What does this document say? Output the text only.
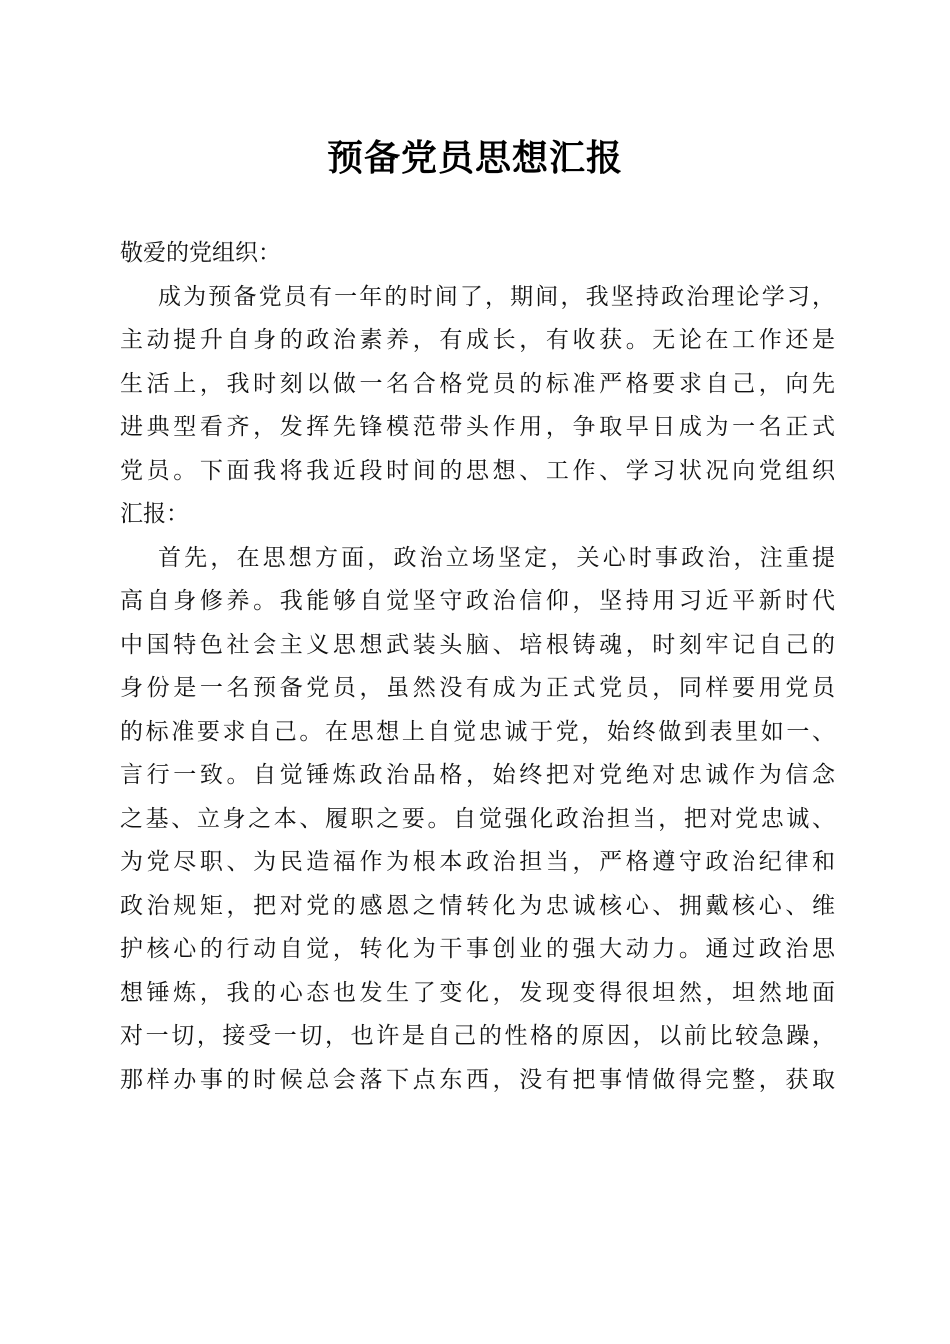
预备党员思想汇报
敬爱的党组织：
成为预备党员有一年的时间了，期间，我坚持政治理论学习，
主动提升自身的政治素养，有成长，有收获。无论在工作还是
生活上，我时刻以做一名合格党员的标准严格要求自己，向先
进典型看齐，发挥先锋模范带头作用，争取早日成为一名正式
党员。下面我将我近段时间的思想、工作、学习状况向党组织
汇报：
首先，在思想方面，政治立场坚定，关心时事政治，注重提
高自身修养。我能够自觉坚守政治信仰，坚持用习近平新时代
中国特色社会主义思想武装头脑、培根铸魂，时刻牢记自己的
身份是一名预备党员，虽然没有成为正式党员，同样要用党员
的标准要求自己。在思想上自觉忠诚于党，始终做到表里如一、
言行一致。自觉锤炼政治品格，始终把对党绝对忠诚作为信念
之基、立身之本、履职之要。自觉强化政治担当，把对党忠诚、
为党尽职、为民造福作为根本政治担当，严格遵守政治纪律和
政治规矩，把对党的感恩之情转化为忠诚核心、拥戴核心、维
护核心的行动自觉，转化为干事创业的强大动力。通过政治思
想锤炼，我的心态也发生了变化，发现变得很坦然，坦然地面
对一切，接受一切，也许是自己的性格的原因，以前比较急躁，
那样办事的时候总会落下点东西，没有把事情做得完整，获取
